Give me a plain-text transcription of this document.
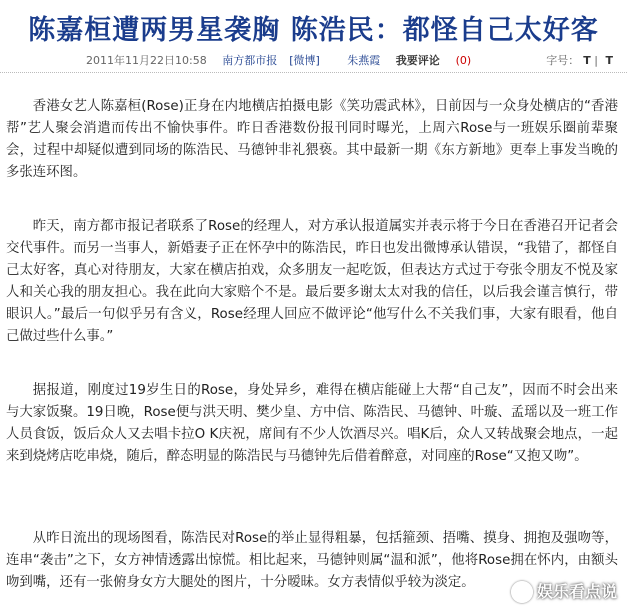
陈嘉桓遭两男星袭胸 陈浩民：都怪自己太好客
2011年11月22日10:58 南方都市报 [微博]	朱燕霞 我要评论 (0)	字号： T | T

香港女艺人陈嘉桓(Rose)正身在内地横店拍摄电影《笑功震武林》，日前因与一众身处横店的“香港帮”艺人聚会消遣而传出不愉快事件。昨日香港数份报刊同时曝光，上周六Rose与一班娱乐圈前辈聚会，过程中却疑似遭到同场的陈浩民、马德钟非礼猥亵。其中最新一期《东方新地》更奉上事发当晚的多张连环图。

昨天，南方都市报记者联系了Rose的经理人，对方承认报道属实并表示将于今日在香港召开记者会交代事件。而另一当事人，新婚妻子正在怀孕中的陈浩民，昨日也发出微博承认错误，“我错了，都怪自己太好客，真心对待朋友，大家在横店拍戏，众多朋友一起吃饭，但表达方式过于夸张令朋友不悦及家人和关心我的朋友担心。我在此向大家赔个不是。最后要多谢太太对我的信任，以后我会谨言慎行，带眼识人。”最后一句似乎另有含义，Rose经理人回应不做评论“他写什么不关我们事，大家有眼看，他自己做过些什么事。”

据报道，刚度过19岁生日的Rose，身处异乡，难得在横店能碰上大帮“自己友”，因而不时会出来与大家饭聚。19日晚，Rose便与洪天明、樊少皇、方中信、陈浩民、马德钟、叶璇、孟瑶以及一班工作人员食饭，饭后众人又去唱卡拉O K庆祝，席间有不少人饮酒尽兴。唱K后，众人又转战聚会地点，一起来到烧烤店吃串烧，随后，醉态明显的陈浩民与马德钟先后借着醉意，对同座的Rose“又抱又吻”。

从昨日流出的现场图看，陈浩民对Rose的举止显得粗暴，包括箍颈、捂嘴、摸身、拥抱及强吻等，连串“袭击”之下，女方神情透露出惊慌。相比起来，马德钟则属“温和派”，他将Rose拥在怀内，由额头吻到嘴，还有一张俯身女方大腿处的图片，十分暧昧。女方表情似乎较为淡定。	娱乐看点说
